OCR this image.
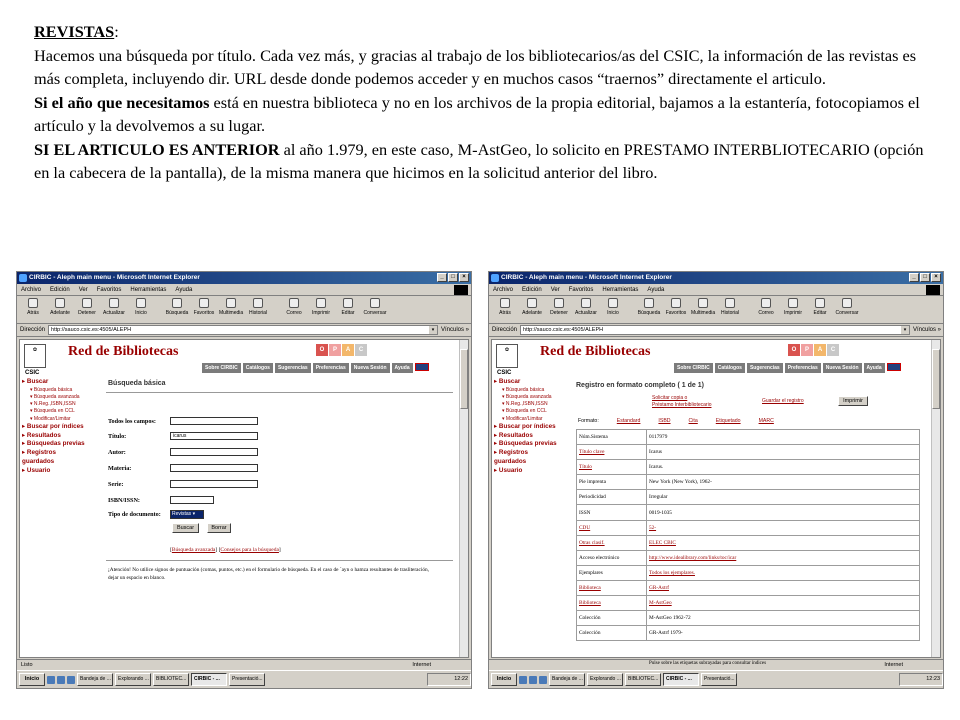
REVISTAS:

Hacemos una búsqueda por título. Cada vez más, y gracias al trabajo de los bibliotecarios/as del CSIC, la información de las revistas es más completa, incluyendo dir. URL desde donde podemos acceder y en muchos casos “traernos” directamente el articulo.

Si el año que necesitamos está en nuestra biblioteca y no en los archivos de la propia editorial, bajamos a la estantería, fotocopiamos el artículo y la devolvemos a su lugar.

SI EL ARTICULO ES ANTERIOR al año 1.979, en este caso, M-AstGeo, lo solicito en PRESTAMO INTERBLIOTECARIO (opción en la cabecera de la pantalla), de la misma manera que hicimos en la solicitud anterior del libro.

CIRBIC - Aleph main menu - Microsoft Internet Explorer	_	□	×
Archivo Edición Ver Favoritos Herramientas Ayuda
Atrás	Adelante	Detener	Actualizar	Inicio	Búsqueda	Favoritos Multimedia	Historial	Correo	Imprimir	Editar	Conversar
Dirección	http://sauco.csic.es:4505/ALEPH	▾	Vínculos »
✿
CSIC
Red de Bibliotecas	O	P	A	C
Sobre CIRBIC	Catálogos	Sugerencias	Preferencias	Nueva Sesión	Ayuda
▸ Buscar
▾ Búsqueda básica
▾ Búsqueda avanzada
▾ N.Reg.,ISBN,ISSN
▾ Búsqueda en CCL
▾ Modificar/Limitar
▸ Buscar por índices
▸ Resultados
▸ Búsquedas previas
▸ Registros
guardados
▸ Usuario
Búsqueda básica
Todos los campos:
Título:	icarus
Autor:
Materia:
Serie:
ISBN/ISSN:
Tipo de documento:	Revistas ▾
Buscar	Borrar
[Búsqueda avanzada] [Consejos para la búsqueda]
¡Atención! No utilice signos de puntuación (comas, puntos, etc.) en el formulario de búsqueda. En el caso de `ayn o hamza resultantes de trasliteración, dejar un espacio en blanco.
Listo	Internet
Inicio	Bandeja de ...	Explorando ...	BIBLIOTEC...	CIRBIC - ...	Presentació...	12:22
CIRBIC - Aleph main menu - Microsoft Internet Explorer	_	□	×
Archivo Edición Ver Favoritos Herramientas Ayuda
Atrás	Adelante	Detener	Actualizar	Inicio	Búsqueda	Favoritos Multimedia	Historial	Correo	Imprimir	Editar	Conversar
Dirección	http://sauco.csic.es:4505/ALEPH	▾	Vínculos »
✿
CSIC
Red de Bibliotecas	O	P	A	C
Sobre CIRBIC	Catálogos	Sugerencias	Preferencias	Nueva Sesión	Ayuda
▸ Buscar
▾ Búsqueda básica
▾ Búsqueda avanzada
▾ N.Reg.,ISBN,ISSN
▾ Búsqueda en CCL
▾ Modificar/Limitar
▸ Buscar por índices
▸ Resultados
▸ Búsquedas previas
▸ Registros
guardados
▸ Usuario
Registro en formato completo ( 1 de 1)
Solicitar copia o
Préstamo Interbibliotecario
Guardar el registro	Imprimir
Formato:	Estandard	ISBD	Cita	Etiquetado	MARC
Núm.Sistema	0117979
Título clave	Icarus
Título	Icarus.
Pie imprenta	New York (New York), 1962-
Periodicidad	Irregular
ISSN	0019-1035
CDU	52-
Otras clasif.	ELEC CBIC
Acceso electrónico	http://www.idealibrary.com/links/toc/icar
Ejemplares	Todos los ejemplares.
Biblioteca	GR-Astrf
Biblioteca	M-AstGeo
Colección	M-AstGeo 1962-72
Colección	GR-Astrf 1979-
Pulse sobre las etiquetas subrayadas para consultar índices	Internet
Inicio	Bandeja de ...	Explorando ...	BIBLIOTEC...	CIRBIC - ...	Presentació...	12:23
